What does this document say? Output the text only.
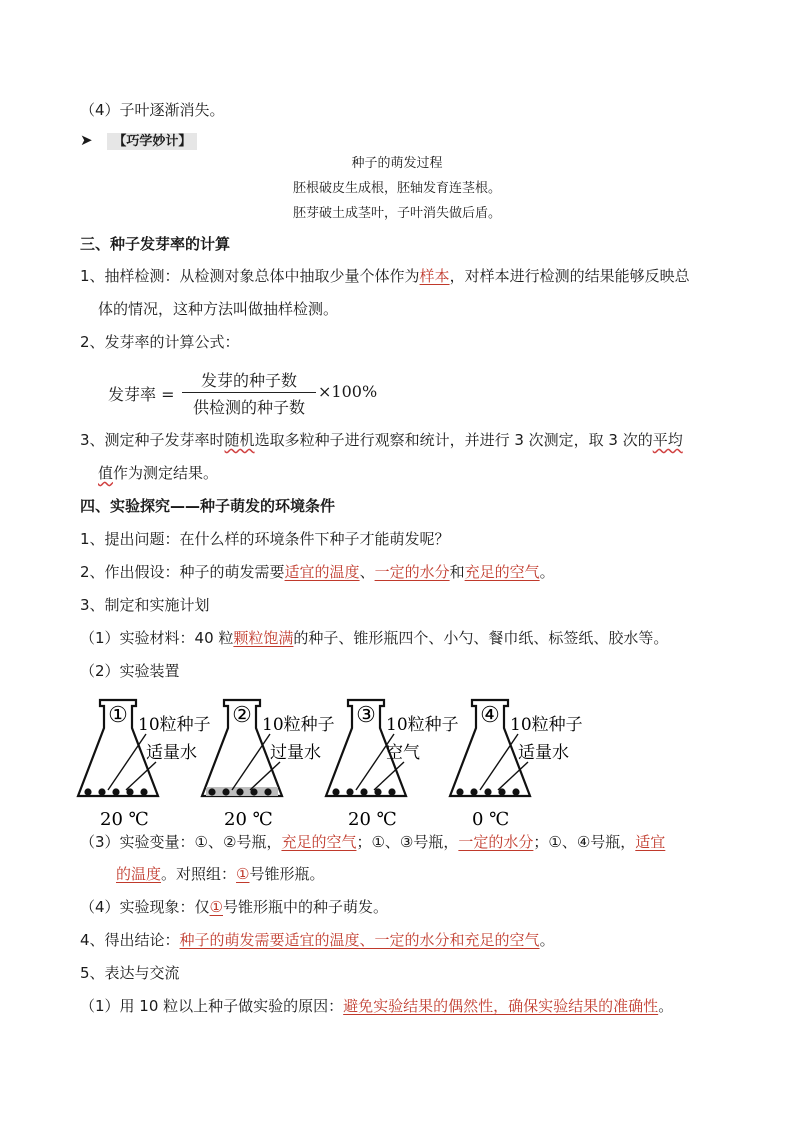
（4）子叶逐渐消失。
➤ 【巧学妙计】
种子的萌发过程
胚根破皮生成根，胚轴发育连茎根。
胚芽破土成茎叶，子叶消失做后盾。
三、种子发芽率的计算
1、抽样检测：从检测对象总体中抽取少量个体作为样本，对样本进行检测的结果能够反映总
体的情况，这种方法叫做抽样检测。
2、发芽率的计算公式：
发芽率 =
发芽的种子数
供检测的种子数
×100%
3、测定种子发芽率时随机选取多粒种子进行观察和统计，并进行 3 次测定，取 3 次的平均
值作为测定结果。
四、实验探究——种子萌发的环境条件
1、提出问题：在什么样的环境条件下种子才能萌发呢？
2、作出假设：种子的萌发需要适宜的温度、一定的水分和充足的空气。
3、制定和实施计划
（1）实验材料：40 粒颗粒饱满的种子、锥形瓶四个、小勺、餐巾纸、标签纸、胶水等。
（2）实验装置
① 10粒种子
适量水
20 ℃
② 10粒种子
过量水
20 ℃
③ 10粒种子
空气
20 ℃
④ 10粒种子
适量水
0 ℃
（3）实验变量：①、②号瓶，充足的空气；①、③号瓶，一定的水分；①、④号瓶，适宜
的温度。对照组：①号锥形瓶。
（4）实验现象：仅①号锥形瓶中的种子萌发。
4、得出结论：种子的萌发需要适宜的温度、一定的水分和充足的空气。
5、表达与交流
（1）用 10 粒以上种子做实验的原因：避免实验结果的偶然性，确保实验结果的准确性。
